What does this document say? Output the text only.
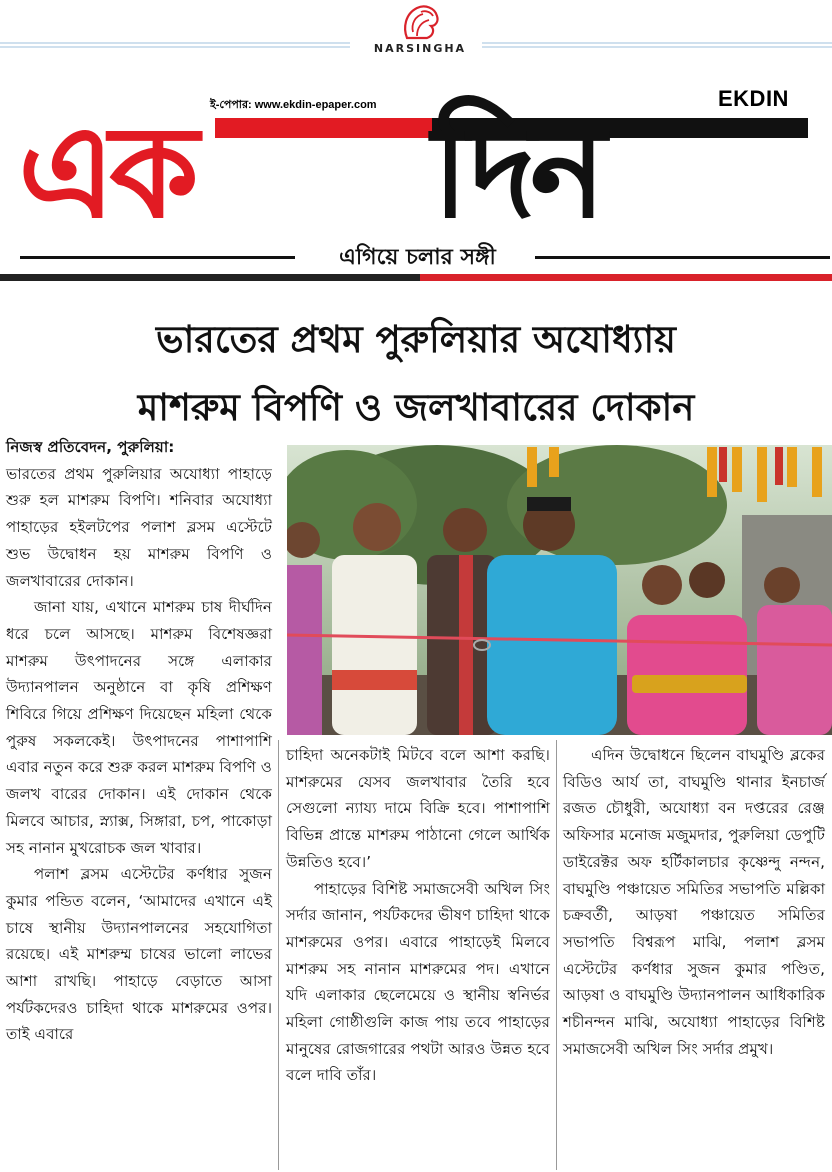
NARSINGHA
ই-পেপার: www.ekdin-epaper.com	EKDIN
এক	দিন
এগিয়ে চলার সঙ্গী
ভারতের প্রথম পুরুলিয়ার অযোধ্যায়
মাশরুম বিপণি ও জলখাবারের দোকান

নিজস্ব প্রতিবেদন, পুরুলিয়া:
ভারতের প্রথম পুরুলিয়ার অযোধ্যা পাহাড়ে শুরু হল মাশরুম বিপণি। শনিবার অযোধ্যা পাহাড়ের হইলটপের পলাশ ব্লসম এস্টেটে শুভ উদ্বোধন হয় মাশরুম বিপণি ও জলখাবারের দোকান।

জানা যায়, এখানে মাশরুম চাষ দীর্ঘদিন ধরে চলে আসছে। মাশরুম বিশেষজ্ঞরা মাশরুম উৎপাদনের সঙ্গে এলাকার উদ্যানপালন অনুষ্ঠানে বা কৃষি প্রশিক্ষণ শিবিরে গিয়ে প্রশিক্ষণ দিয়েছেন মহিলা থেকে পুরুষ সকলকেই। উৎপাদনের পাশাপাশি এবার নতুন করে শুরু করল মাশরুম বিপণি ও জলখ বারের দোকান। এই দোকান থেকে মিলবে আচার, স্ন্যাক্স, সিঙ্গারা, চপ, পাকোড়া সহ নানান মুখরোচক জল খাবার।

পলাশ ব্লসম এস্টেটের কর্ণধার সুজন কুমার পন্ডিত বলেন, ‘আমাদের এখানে এই চাষে স্থানীয় উদ্যানপালনের সহযোগিতা রয়েছে। এই মাশরুম্ম চাষের ভালো লাভের আশা রাখছি। পাহাড়ে বেড়াতে আসা পর্যটকদেরও চাহিদা থাকে মাশরুমের ওপর। তাই এবারে

চাহিদা অনেকটাই মিটবে বলে আশা করছি। মাশরুমের যেসব জলখাবার তৈরি হবে সেগুলো ন্যায্য দামে বিক্রি হবে। পাশাপাশি বিভিন্ন প্রান্তে মাশরুম পাঠানো গেলে আর্থিক উন্নতিও হবে।’

পাহাড়ের বিশিষ্ট সমাজসেবী অখিল সিং সর্দার জানান, পর্যটকদের ভীষণ চাহিদা থাকে মাশরুমের ওপর। এবারে পাহাড়েই মিলবে মাশরুম সহ নানান মাশরুমের পদ। এখানে যদি এলাকার ছেলেমেয়ে ও স্থানীয় স্বনির্ভর মহিলা গোষ্ঠীগুলি কাজ পায় তবে পাহাড়ের মানুষের রোজগারের পথটা আরও উন্নত হবে বলে দাবি তাঁর।

এদিন উদ্বোধনে ছিলেন বাঘমুণ্ডি ব্লকের বিডিও আর্য তা, বাঘমুণ্ডি থানার ইনচার্জ রজত চৌধুরী, অযোধ্যা বন দপ্তরের রেঞ্জ অফিসার মনোজ মজুমদার, পুরুলিয়া ডেপুটি ডাইরেক্টর অফ হর্টিকালচার কৃষ্ণেন্দু নন্দন, বাঘমুণ্ডি পঞ্চায়েত সমিতির সভাপতি মল্লিকা চক্রবর্তী, আড়ষা পঞ্চায়েত সমিতির সভাপতি বিশ্বরূপ মাঝি, পলাশ ব্লসম এস্টেটের কর্ণধার সুজন কুমার পণ্ডিত, আড়ষা ও বাঘমুণ্ডি উদ্যানপালন আধিকারিক শচীনন্দন মাঝি, অযোধ্যা পাহাড়ের বিশিষ্ট সমাজসেবী অখিল সিং সর্দার প্রমুখ।
